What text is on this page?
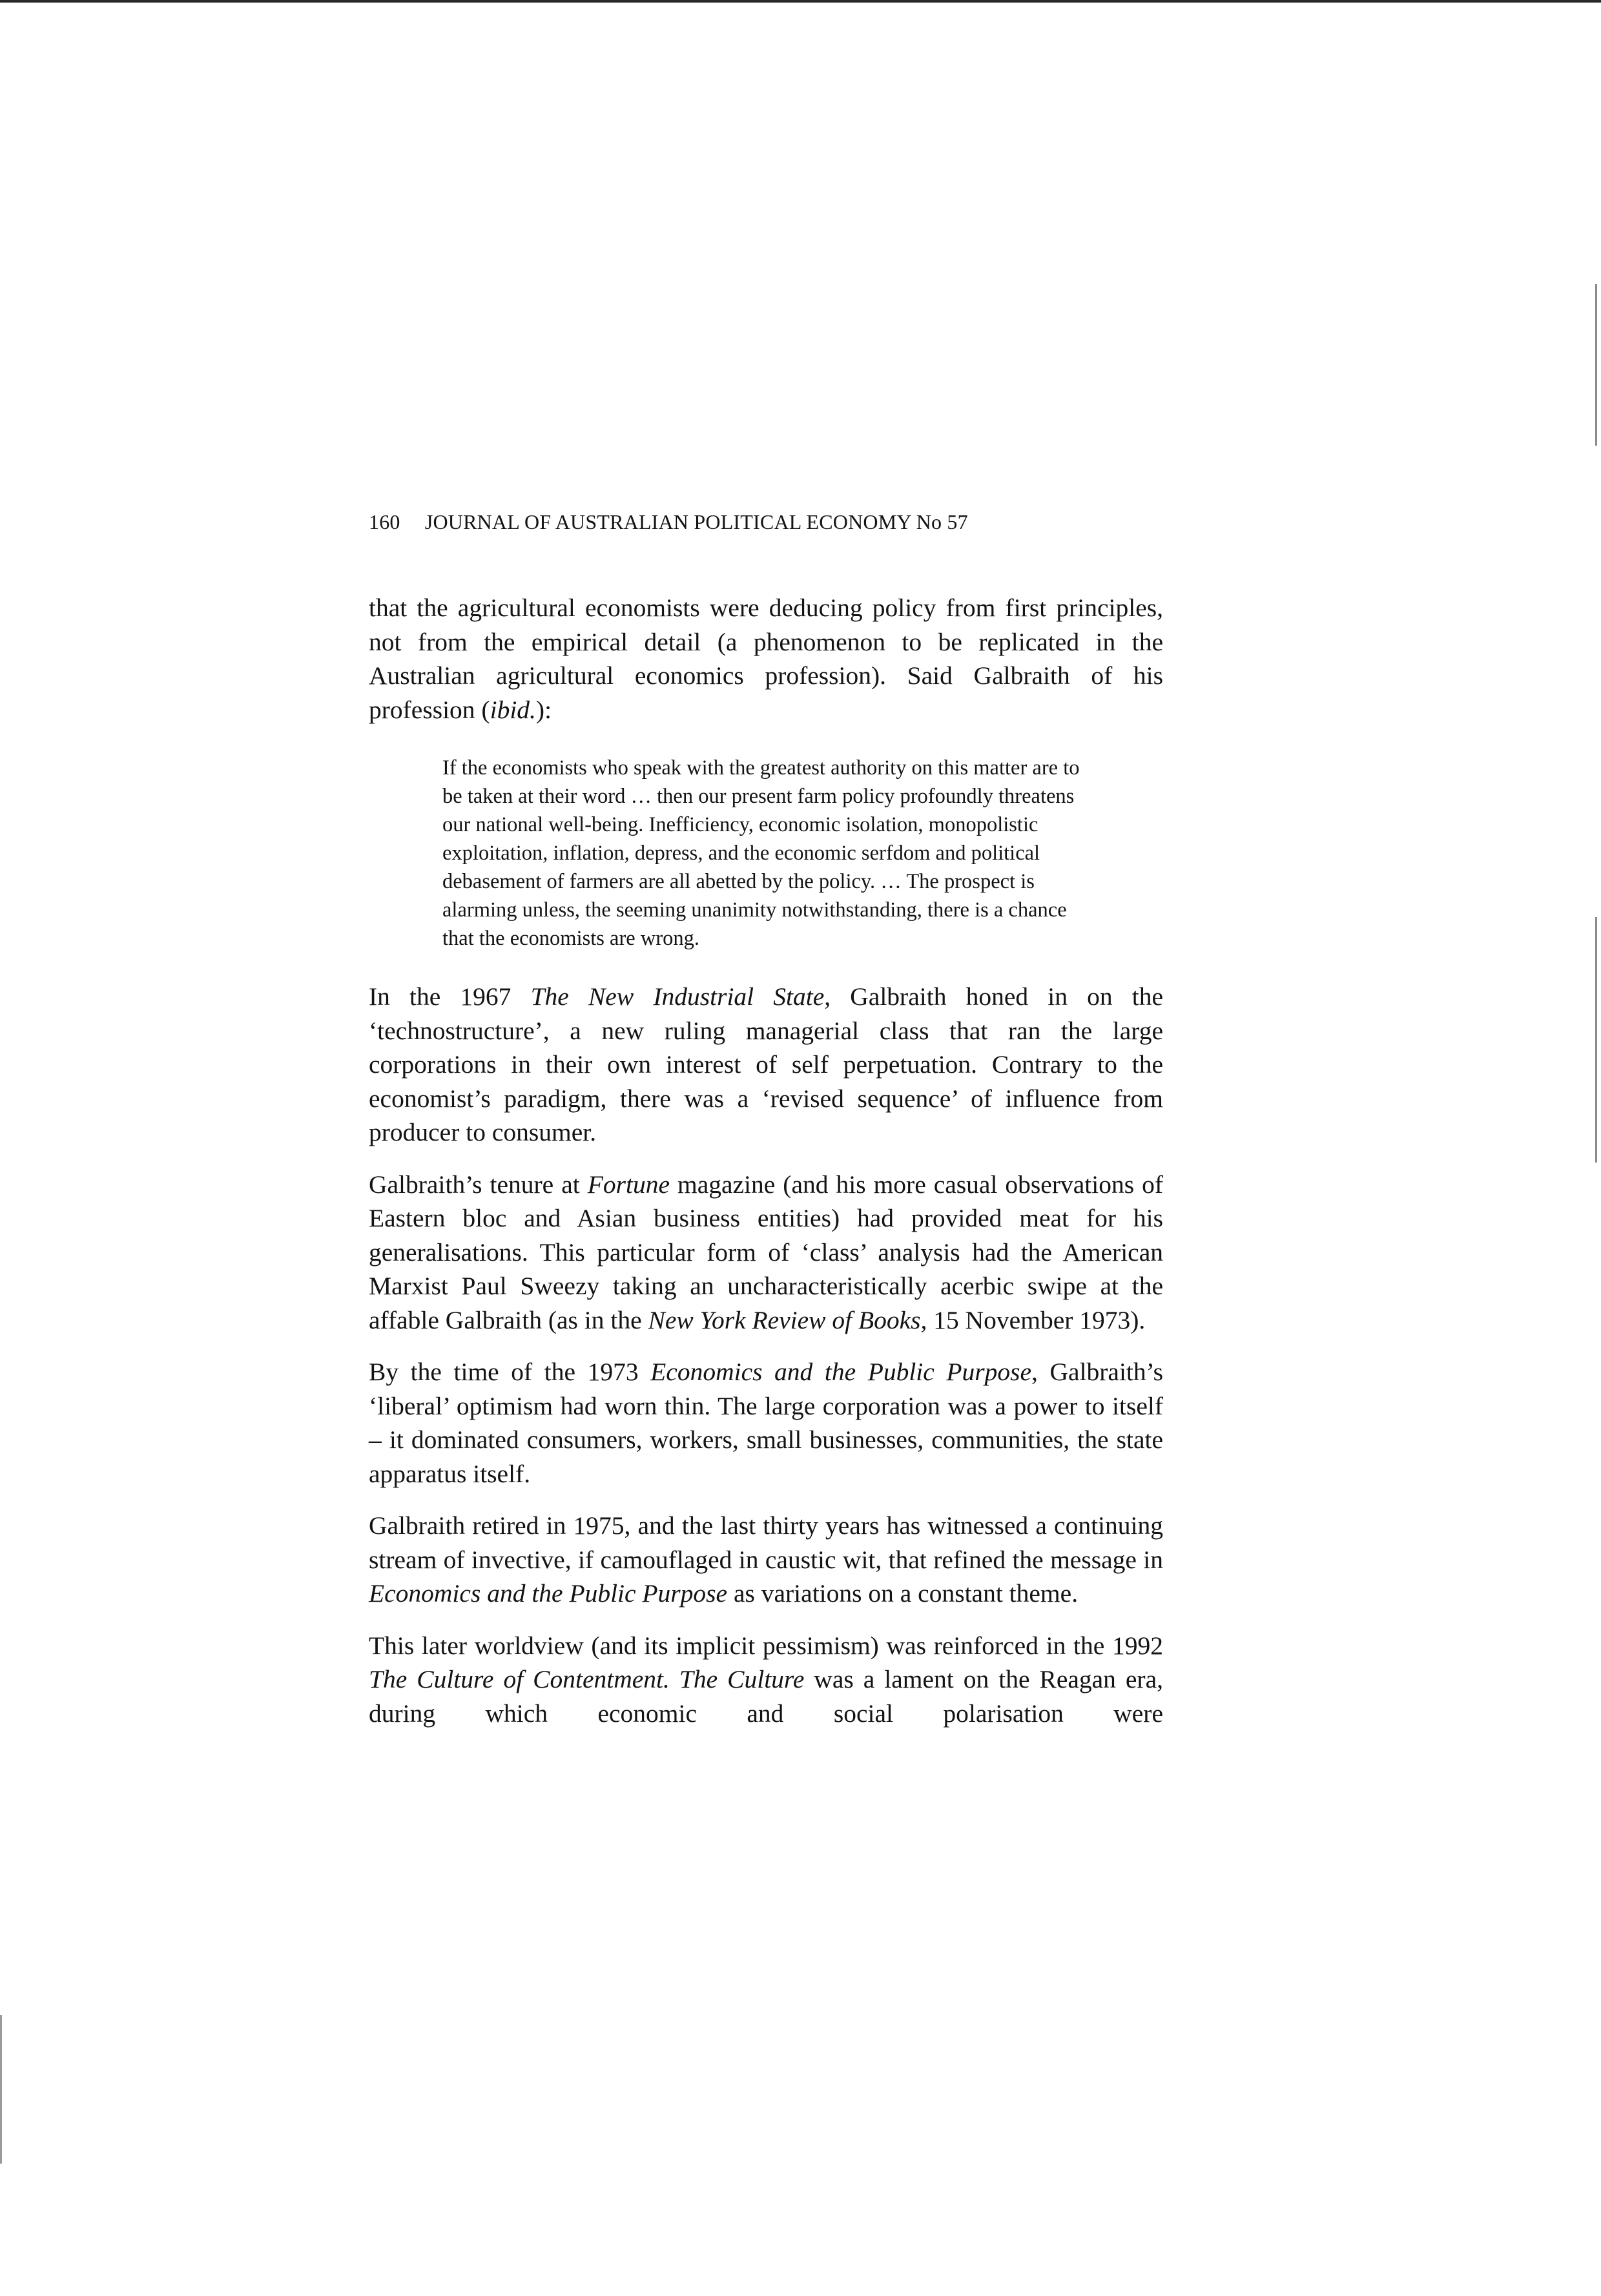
160 JOURNAL OF AUSTRALIAN POLITICAL ECONOMY No 57

that the agricultural economists were deducing policy from first principles, not from the empirical detail (a phenomenon to be replicated in the Australian agricultural economics profession). Said Galbraith of his profession (ibid.):

If the economists who speak with the greatest authority on this matter are to be taken at their word … then our present farm policy profoundly threatens our national well-being. Inefficiency, economic isolation, monopolistic exploitation, inflation, depress, and the economic serfdom and political debasement of farmers are all abetted by the policy. … The prospect is alarming unless, the seeming unanimity notwithstanding, there is a chance that the economists are wrong.

In the 1967 The New Industrial State, Galbraith honed in on the ‘technostructure’, a new ruling managerial class that ran the large corporations in their own interest of self perpetuation. Contrary to the economist’s paradigm, there was a ‘revised sequence’ of influence from producer to consumer.

Galbraith’s tenure at Fortune magazine (and his more casual observations of Eastern bloc and Asian business entities) had provided meat for his generalisations. This particular form of ‘class’ analysis had the American Marxist Paul Sweezy taking an uncharacteristically acerbic swipe at the affable Galbraith (as in the New York Review of Books, 15 November 1973).

By the time of the 1973 Economics and the Public Purpose, Galbraith’s ‘liberal’ optimism had worn thin. The large corporation was a power to itself – it dominated consumers, workers, small businesses, communities, the state apparatus itself.

Galbraith retired in 1975, and the last thirty years has witnessed a continuing stream of invective, if camouflaged in caustic wit, that refined the message in Economics and the Public Purpose as variations on a constant theme.

This later worldview (and its implicit pessimism) was reinforced in the 1992 The Culture of Contentment. The Culture was a lament on the Reagan era, during which economic and social polarisation were
